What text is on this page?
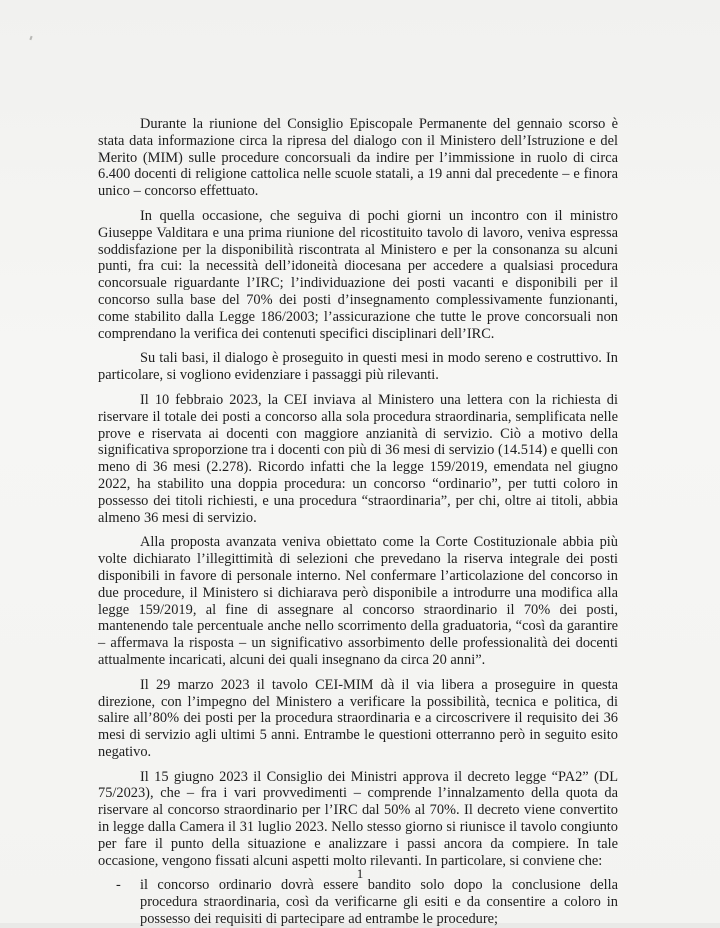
Durante la riunione del Consiglio Episcopale Permanente del gennaio scorso è stata data informazione circa la ripresa del dialogo con il Ministero dell’Istruzione e del Merito (MIM) sulle procedure concorsuali da indire per l’immissione in ruolo di circa 6.400 docenti di religione cattolica nelle scuole statali, a 19 anni dal precedente – e finora unico – concorso effettuato.

In quella occasione, che seguiva di pochi giorni un incontro con il ministro Giuseppe Valditara e una prima riunione del ricostituito tavolo di lavoro, veniva espressa soddisfazione per la disponibilità riscontrata al Ministero e per la consonanza su alcuni punti, fra cui: la necessità dell’idoneità diocesana per accedere a qualsiasi procedura concorsuale riguardante l’IRC; l’individuazione dei posti vacanti e disponibili per il concorso sulla base del 70% dei posti d’insegnamento complessivamente funzionanti, come stabilito dalla Legge 186/2003; l’assicurazione che tutte le prove concorsuali non comprendano la verifica dei contenuti specifici disciplinari dell’IRC.

Su tali basi, il dialogo è proseguito in questi mesi in modo sereno e costruttivo. In particolare, si vogliono evidenziare i passaggi più rilevanti.

Il 10 febbraio 2023, la CEI inviava al Ministero una lettera con la richiesta di riservare il totale dei posti a concorso alla sola procedura straordinaria, semplificata nelle prove e riservata ai docenti con maggiore anzianità di servizio. Ciò a motivo della significativa sproporzione tra i docenti con più di 36 mesi di servizio (14.514) e quelli con meno di 36 mesi (2.278). Ricordo infatti che la legge 159/2019, emendata nel giugno 2022, ha stabilito una doppia procedura: un concorso “ordinario”, per tutti coloro in possesso dei titoli richiesti, e una procedura “straordinaria”, per chi, oltre ai titoli, abbia almeno 36 mesi di servizio.

Alla proposta avanzata veniva obiettato come la Corte Costituzionale abbia più volte dichiarato l’illegittimità di selezioni che prevedano la riserva integrale dei posti disponibili in favore di personale interno. Nel confermare l’articolazione del concorso in due procedure, il Ministero si dichiarava però disponibile a introdurre una modifica alla legge 159/2019, al fine di assegnare al concorso straordinario il 70% dei posti, mantenendo tale percentuale anche nello scorrimento della graduatoria, “così da garantire – affermava la risposta – un significativo assorbimento delle professionalità dei docenti attualmente incaricati, alcuni dei quali insegnano da circa 20 anni”.

Il 29 marzo 2023 il tavolo CEI-MIM dà il via libera a proseguire in questa direzione, con l’impegno del Ministero a verificare la possibilità, tecnica e politica, di salire all’80% dei posti per la procedura straordinaria e a circoscrivere il requisito dei 36 mesi di servizio agli ultimi 5 anni. Entrambe le questioni otterranno però in seguito esito negativo.

Il 15 giugno 2023 il Consiglio dei Ministri approva il decreto legge “PA2” (DL 75/2023), che – fra i vari provvedimenti – comprende l’innalzamento della quota da riservare al concorso straordinario per l’IRC dal 50% al 70%. Il decreto viene convertito in legge dalla Camera il 31 luglio 2023. Nello stesso giorno si riunisce il tavolo congiunto per fare il punto della situazione e analizzare i passi ancora da compiere. In tale occasione, vengono fissati alcuni aspetti molto rilevanti. In particolare, si conviene che:

- il concorso ordinario dovrà essere bandito solo dopo la conclusione della procedura straordinaria, così da verificarne gli esiti e da consentire a coloro in possesso dei requisiti di partecipare ad entrambe le procedure;
1
